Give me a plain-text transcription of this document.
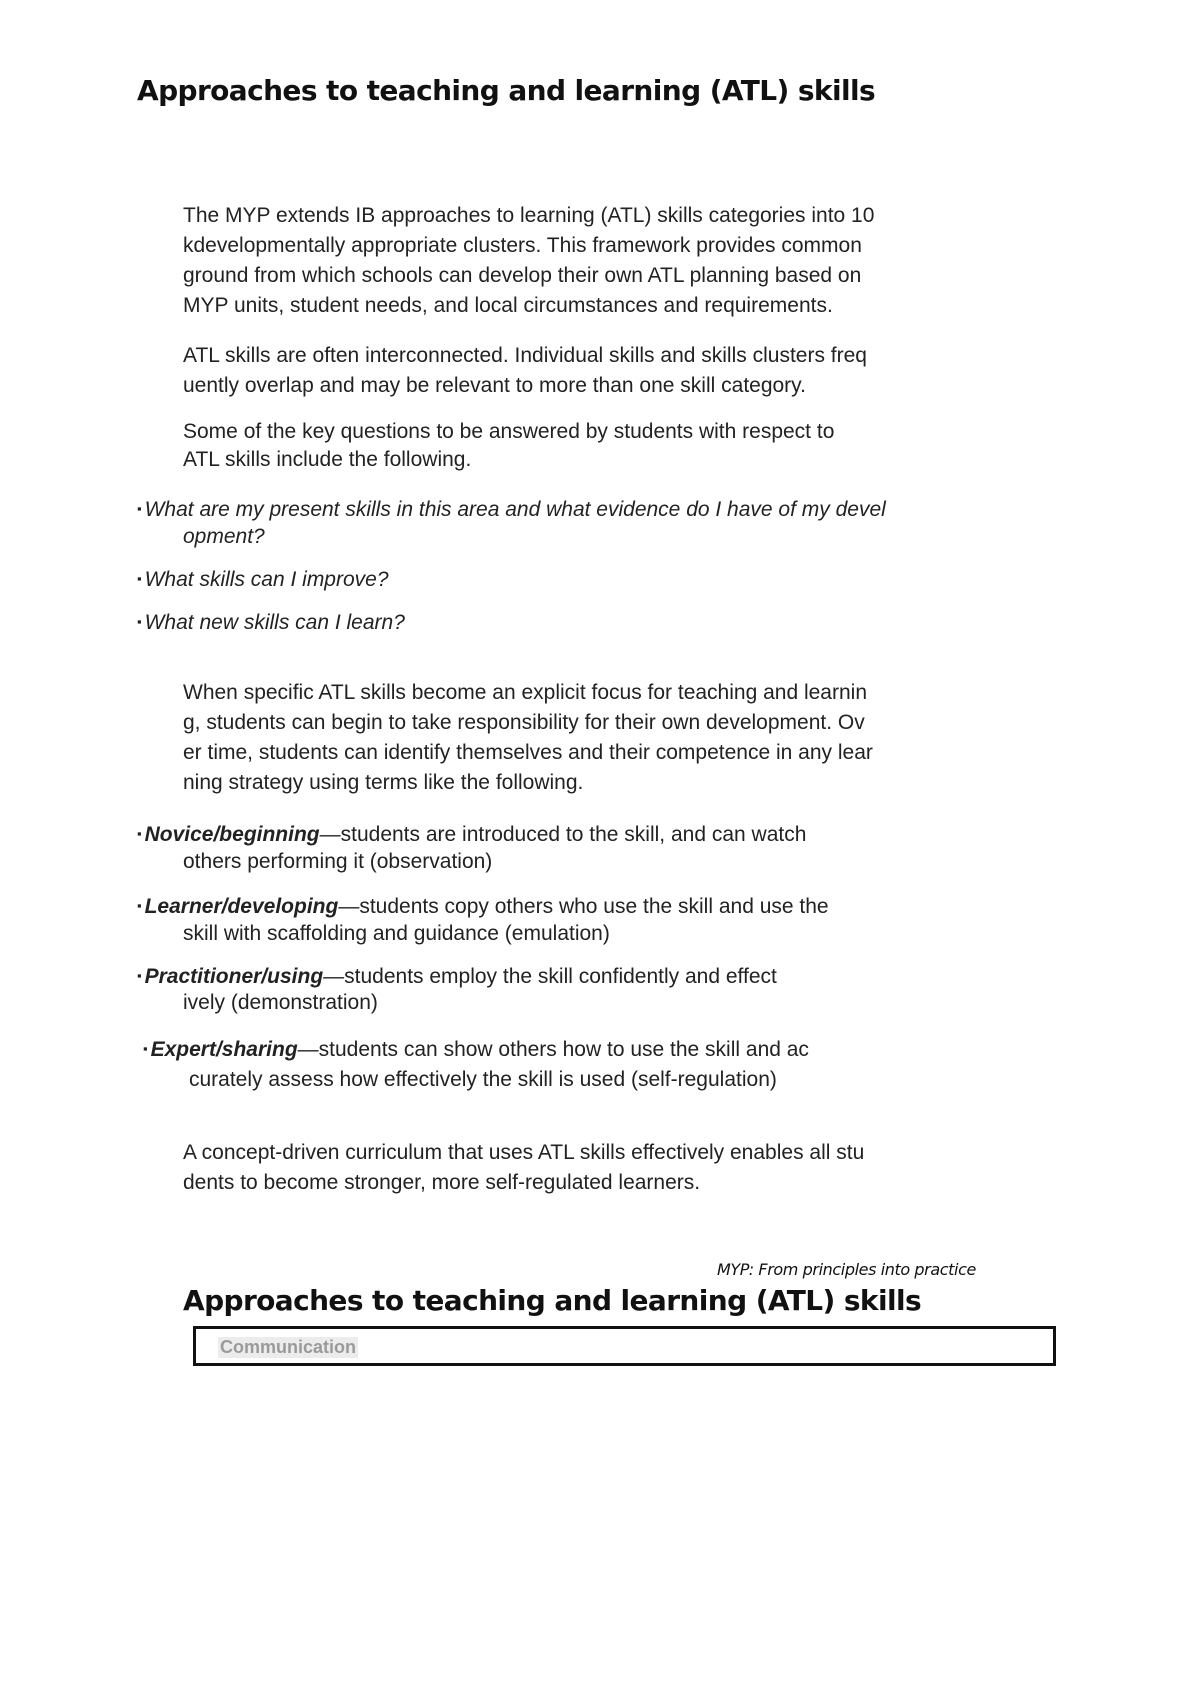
Approaches to teaching and learning (ATL) skills

The MYP extends IB approaches to learning (ATL) skills categories into 10
kdevelopmentally appropriate clusters. This framework provides common
ground from which schools can develop their own ATL planning based on
MYP units, student needs, and local circumstances and requirements.

ATL skills are often interconnected. Individual skills and skills clusters freq
uently overlap and may be relevant to more than one skill category.

Some of the key questions to be answered by students with respect to
ATL skills include the following.

▪ What are my present skills in this area and what evidence do I have of my devel
opment?

▪ What skills can I improve?

▪ What new skills can I learn?

When specific ATL skills become an explicit focus for teaching and learnin
g, students can begin to take responsibility for their own development. Ov
er time, students can identify themselves and their competence in any lear
ning strategy using terms like the following.

▪ Novice/beginning—students are introduced to the skill, and can watch
others performing it (observation)

▪ Learner/developing—students copy others who use the skill and use the
skill with scaffolding and guidance (emulation)

▪ Practitioner/using—students employ the skill confidently and effect
ively (demonstration)

▪ Expert/sharing—students can show others how to use the skill and ac
curately assess how effectively the skill is used (self-regulation)

A concept-driven curriculum that uses ATL skills effectively enables all stu
dents to become stronger, more self-regulated learners.

MYP: From principles into practice

Approaches to teaching and learning (ATL) skills
Communication
